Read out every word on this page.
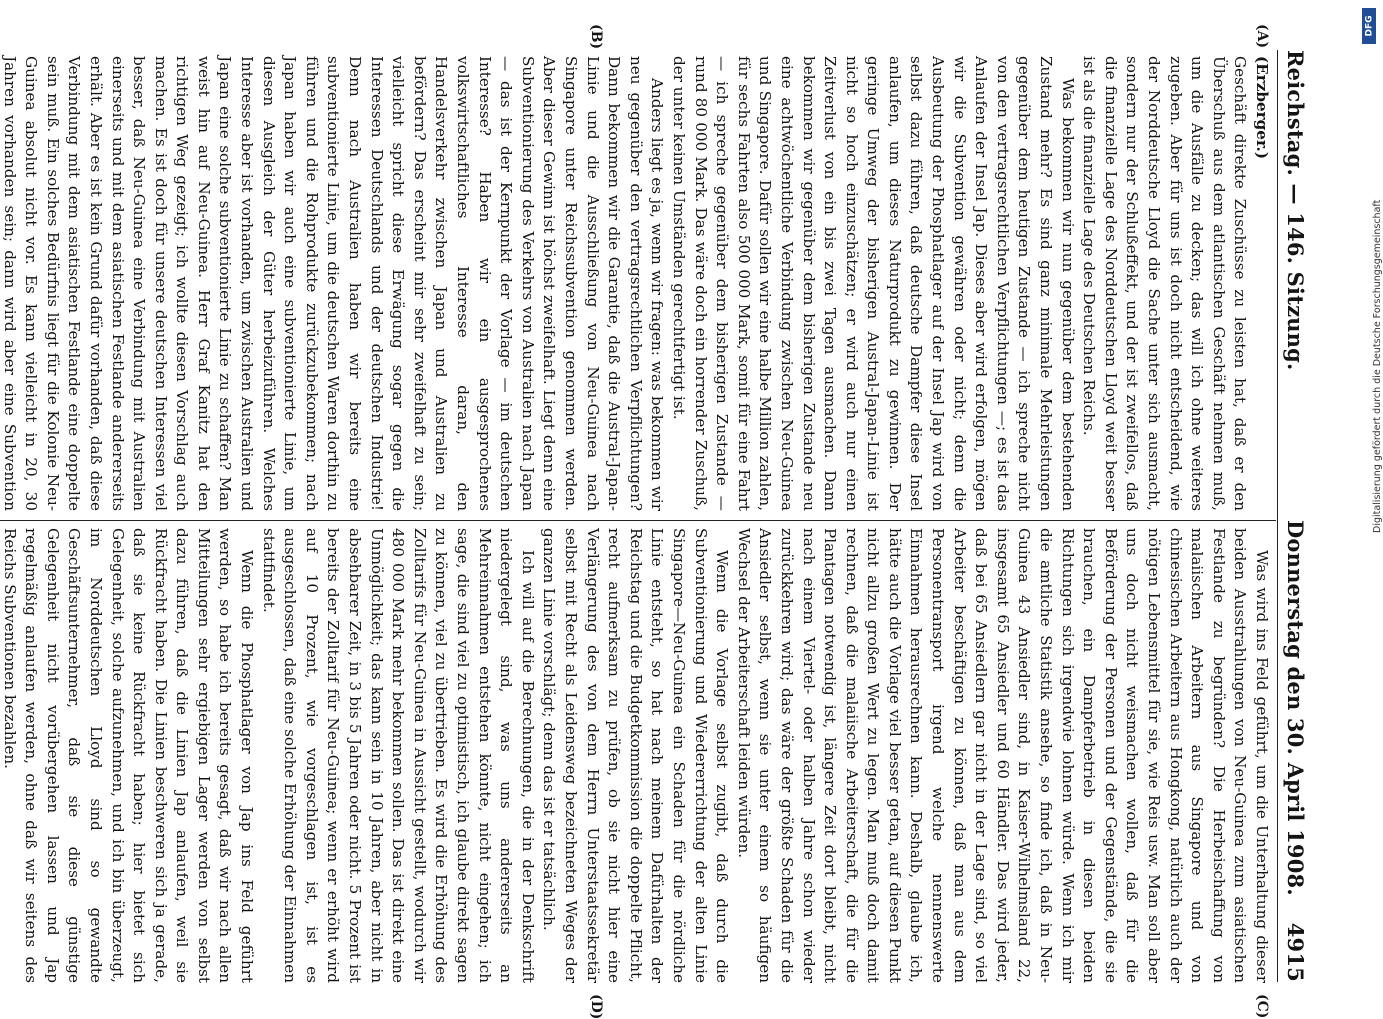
Reichstag. — 146. Sitzung.
Donnerstag den 30. April 1908.
4915
(A)
(B)
(C)
(D)

(Erzberger.)

Geschäft direkte Zuschüsse zu leisten hat, daß er den Überschuß aus dem atlantischen Geschäft nehmen muß, um die Ausfälle zu decken; das will ich ohne weiteres zugeben. Aber für uns ist doch nicht entscheidend, wie der Norddeutsche Lloyd die Sache unter sich ausmacht, sondern nur der Schlußeffekt, und der ist zweifellos, daß die finanzielle Lage des Norddeutschen Lloyd weit besser ist als die finanzielle Lage des Deutschen Reichs.

Was bekommen wir nun gegenüber dem bestehenden Zustand mehr? Es sind ganz minimale Mehrleistungen gegenüber dem heutigen Zustande — ich spreche nicht von den vertragsrechtlichen Verpflichtungen —; es ist das Anlaufen der Insel Jap. Dieses aber wird erfolgen, mögen wir die Subvention gewähren oder nicht; denn die Ausbeutung der Phosphatlager auf der Insel Jap wird von selbst dazu führen, daß deutsche Dampfer diese Insel anlaufen, um dieses Naturprodukt zu gewinnen. Der geringe Umweg der bisherigen Austral-Japan-Linie ist nicht so hoch einzuschätzen; er wird auch nur einen Zeitverlust von ein bis zwei Tagen ausmachen. Dann bekommen wir gegenüber dem bisherigen Zustande neu eine achtwöchentliche Verbindung zwischen Neu-Guinea und Singapore. Dafür sollen wir eine halbe Million zahlen, für sechs Fahrten also 500 000 Mark, somit für eine Fahrt — ich spreche gegenüber dem bisherigen Zustande — rund 80 000 Mark. Das wäre doch ein horrender Zuschuß, der unter keinen Umständen gerechtfertigt ist.

Anders liegt es ja, wenn wir fragen: was bekommen wir neu gegenüber den vertragsrechtlichen Verpflichtungen? Dann bekommen wir die Garantie, daß die Austral-Japan-Linie und die Ausschließung von Neu-Guinea nach Singapore unter Reichssubvention genommen werden. Aber dieser Gewinn ist höchst zweifelhaft. Liegt denn eine Subventionierung des Verkehrs von Australien nach Japan — das ist der Kernpunkt der Vorlage — im deutschen Interesse? Haben wir ein ausgesprochenes volkswirtschaftliches Interesse daran, den Handelsverkehr zwischen Japan und Australien zu befördern? Das erscheint mir sehr zweifelhaft zu sein; vielleicht spricht diese Erwägung sogar gegen die Interessen Deutschlands und der deutschen Industrie! Denn nach Australien haben wir bereits eine subventionierte Linie, um die deutschen Waren dorthin zu führen und die Rohprodukte zurückzubekommen; nach Japan haben wir auch eine subventionierte Linie, um diesen Ausgleich der Güter herbeizuführen. Welches Interesse aber ist vorhanden, um zwischen Australien und Japan eine solche subventionierte Linie zu schaffen? Man weist hin auf Neu-Guinea. Herr Graf Kanitz hat den richtigen Weg gezeigt; ich wollte diesen Vorschlag auch machen. Es ist doch für unsere deutschen Interessen viel besser, daß Neu-Guinea eine Verbindung mit Australien einerseits und mit dem asiatischen Festlande andererseits erhält. Aber es ist kein Grund dafür vorhanden, daß diese Verbindung mit dem asiatischen Festlande eine doppelte sein muß. Ein solches Bedürfnis liegt für die Kolonie Neu-Guinea absolut nicht vor. Es kann vielleicht in 20, 30 Jahren vorhanden sein; dann wird aber eine Subvention

Was wird ins Feld geführt, um die Unterhaltung dieser beiden Ausstrahlungen von Neu-Guinea zum asiatischen Festlande zu begründen? Die Herbeischaffung von malaiischen Arbeitern aus Singapore und von chinesischen Arbeitern aus Hongkong, natürlich auch der nötigen Lebensmittel für sie, wie Reis usw. Man soll aber uns doch nicht weismachen wollen, daß für die Beförderung der Personen und der Gegenstände, die sie brauchen, ein Dampferbetrieb in diesen beiden Richtungen sich irgendwie lohnen würde. Wenn ich mir die amtliche Statistik ansehe, so finde ich, daß in Neu-Guinea 43 Ansiedler sind, in Kaiser-Wilhelmsland 22, insgesamt 65 Ansiedler und 60 Händler. Das wird jeder, daß bei 65 Ansiedlern gar nicht in der Lage sind, so viel Arbeiter beschäftigen zu können, daß man aus dem Personentransport irgend welche nennenswerte Einnahmen herausrechnen kann. Deshalb, glaube ich, hätte auch die Vorlage viel besser getan, auf diesen Punkt nicht allzu großen Wert zu legen. Man muß doch damit rechnen, daß die malaiische Arbeiterschaft, die für die Plantagen notwendig ist, längere Zeit dort bleibt, nicht nach einem Viertel- oder halben Jahre schon wieder zurückkehren wird; das wäre der größte Schaden für die Ansiedler selbst, wenn sie unter einem so häufigen Wechsel der Arbeiterschaft leiden würden.

Wenn die Vorlage selbst zugibt, daß durch die Subventionierung und Wiedererrichtung der alten Linie Singapore—Neu-Guinea ein Schaden für die nördliche Linie entsteht, so hat nach meinem Dafürhalten der Reichstag und die Budgetkommission die doppelte Pflicht, recht aufmerksam zu prüfen, ob sie nicht hier eine Verlängerung des von dem Herrn Unterstaatssekretär selbst mit Recht als Leidensweg bezeichneten Weges der ganzen Linie vorschlägt; denn das ist er tatsächlich.

Ich will auf die Berechnungen, die in der Denkschrift niedergelegt sind, was uns andererseits an Mehreinnahmen entstehen könnte, nicht eingehen; ich sage, die sind viel zu optimistisch, ich glaube direkt sagen zu können, viel zu übertrieben. Es wird die Erhöhung des Zolltarifs für Neu-Guinea in Aussicht gestellt, wodurch wir 480 000 Mark mehr bekommen sollen. Das ist direkt eine Unmöglichkeit; das kann sein in 10 Jahren, aber nicht in absehbarer Zeit, in 3 bis 5 Jahren oder nicht. 5 Prozent ist bereits der Zolltarif für Neu-Guinea; wenn er erhöht wird auf 10 Prozent, wie vorgeschlagen ist, ist es ausgeschlossen, daß eine solche Erhöhung der Einnahmen stattfindet.

Wenn die Phosphatlager von Jap ins Feld geführt werden, so habe ich bereits gesagt, daß wir nach allen Mitteilungen sehr ergiebigen Lager werden von selbst dazu führen, daß die Linien Jap anlaufen, weil sie Rückfracht haben. Die Linien beschweren sich ja gerade, daß sie keine Rückfracht haben; hier bietet sich Gelegenheit, solche aufzunehmen, und ich bin überzeugt, im Norddeutschen Lloyd sind so gewandte Geschäftsunternehmer, daß sie diese günstige Gelegenheit nicht vorübergehen lassen und Jap regelmäßig anlaufen werden, ohne daß wir seitens des Reichs Subventionen bezahlen.

DFG
Digitalisierung gefördert durch die Deutsche Forschungsgemeinschaft
